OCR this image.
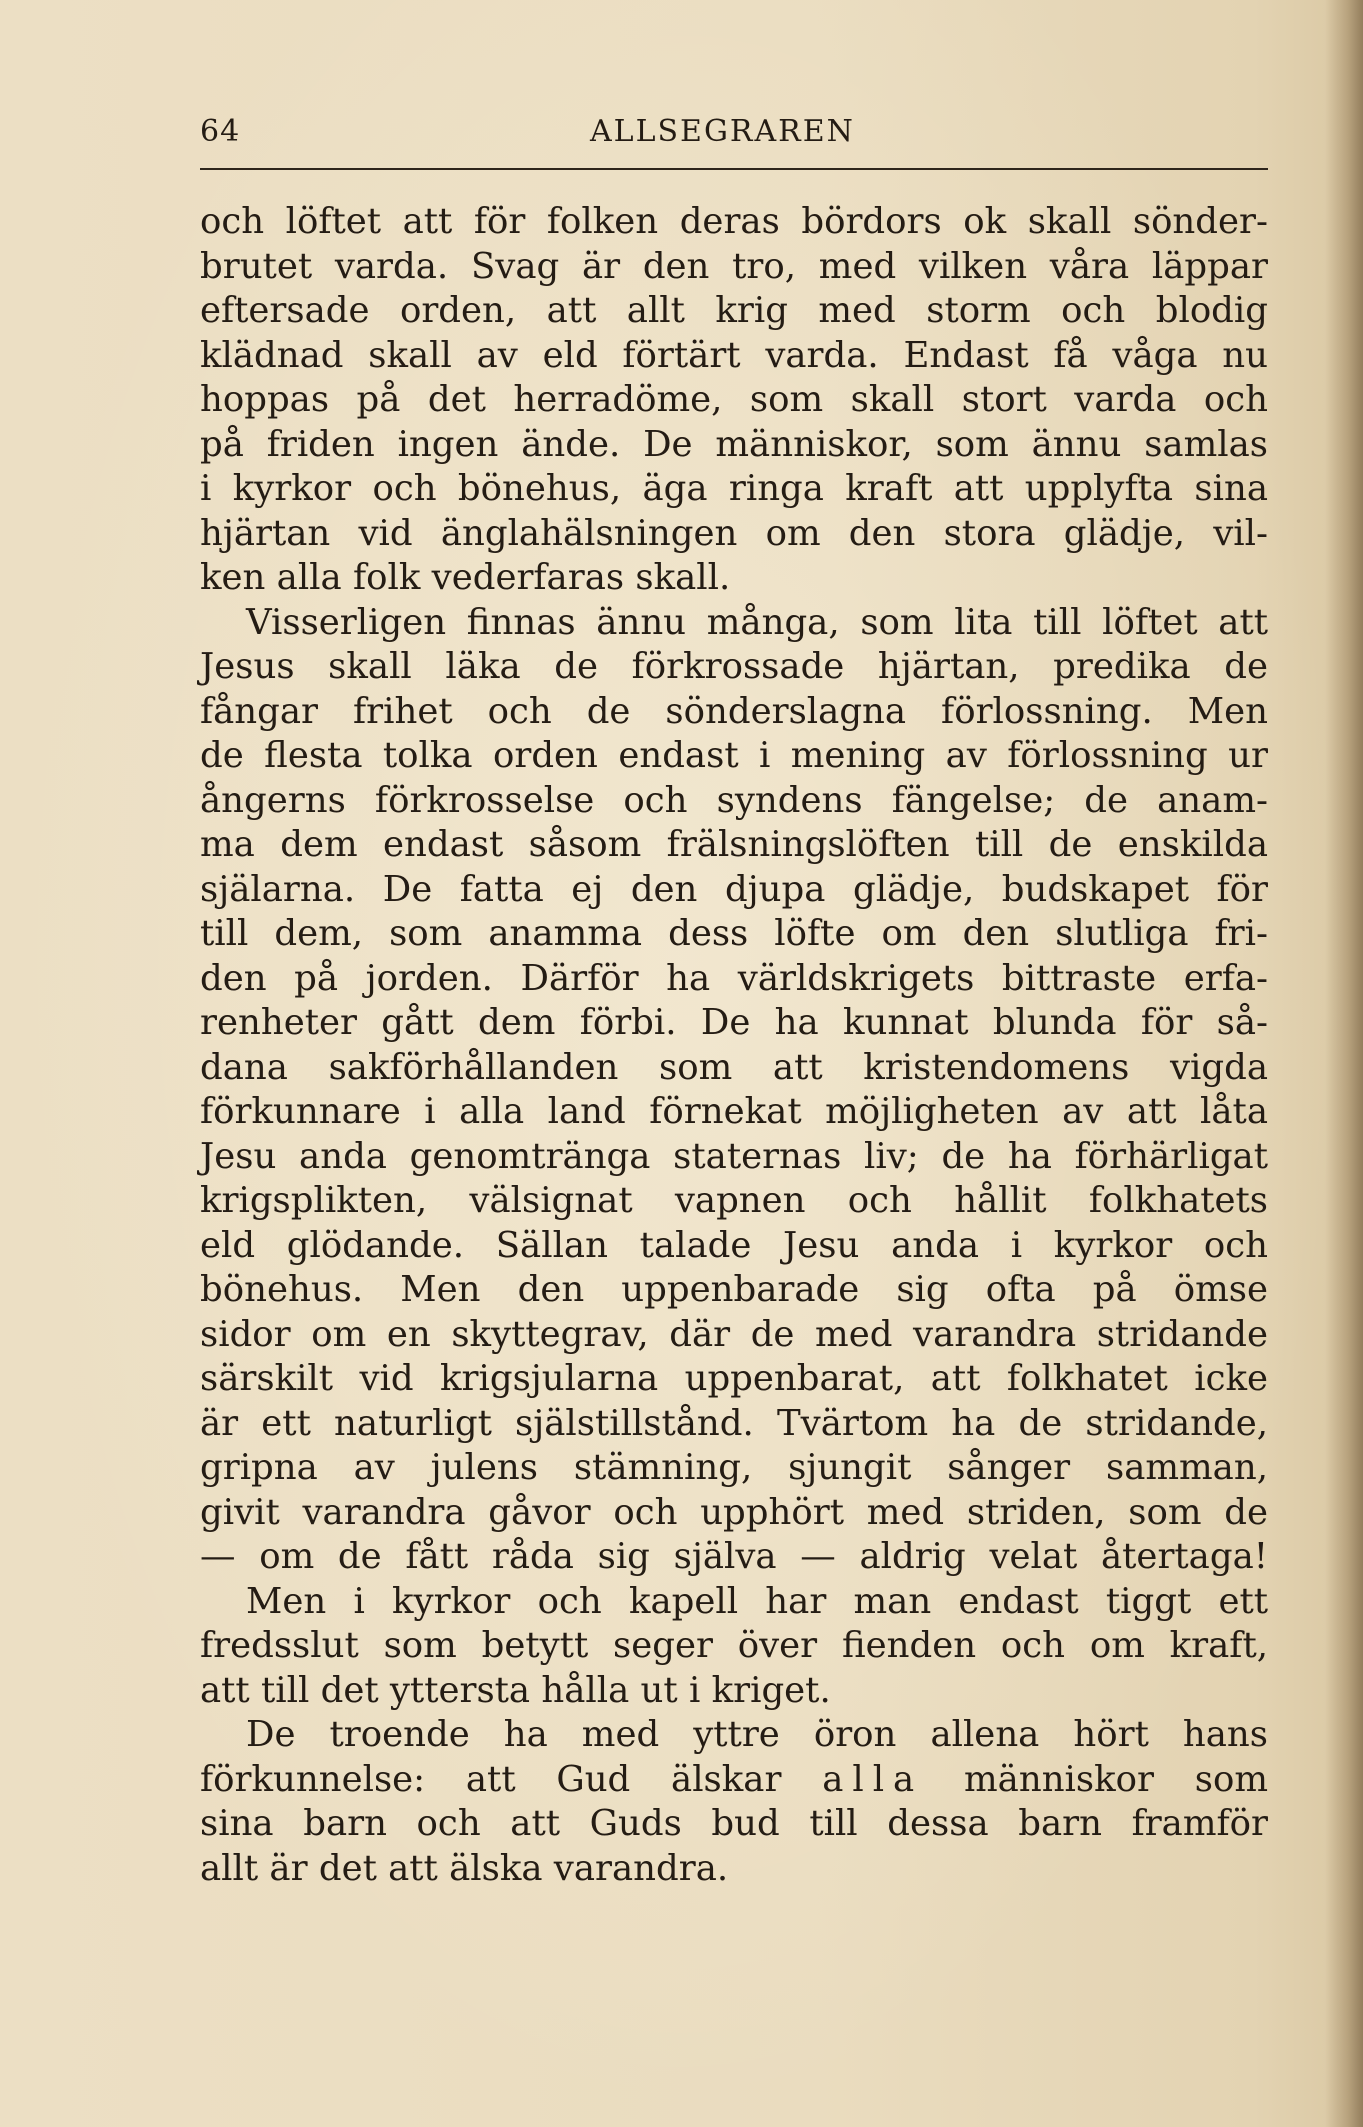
64	ALLSEGRAREN
och löftet att för folken deras bördors ok skall sönder-
brutet varda. Svag är den tro, med vilken våra läppar
eftersade orden, att allt krig med storm och blodig
klädnad skall av eld förtärt varda. Endast få våga nu
hoppas på det herradöme, som skall stort varda och
på friden ingen ände. De människor, som ännu samlas
i kyrkor och bönehus, äga ringa kraft att upplyfta sina
hjärtan vid änglahälsningen om den stora glädje, vil-
ken alla folk vederfaras skall.
Visserligen finnas ännu många, som lita till löftet att
Jesus skall läka de förkrossade hjärtan, predika de
fångar frihet och de sönderslagna förlossning. Men
de flesta tolka orden endast i mening av förlossning ur
ångerns förkrosselse och syndens fängelse; de anam-
ma dem endast såsom frälsningslöften till de enskilda
själarna. De fatta ej den djupa glädje, budskapet för
till dem, som anamma dess löfte om den slutliga fri-
den på jorden. Därför ha världskrigets bittraste erfa-
renheter gått dem förbi. De ha kunnat blunda för så-
dana sakförhållanden som att kristendomens vigda
förkunnare i alla land förnekat möjligheten av att låta
Jesu anda genomtränga staternas liv; de ha förhärligat
krigsplikten, välsignat vapnen och hållit folkhatets
eld glödande. Sällan talade Jesu anda i kyrkor och
bönehus. Men den uppenbarade sig ofta på ömse
sidor om en skyttegrav, där de med varandra stridande
särskilt vid krigsjularna uppenbarat, att folkhatet icke
är ett naturligt själstillstånd. Tvärtom ha de stridande,
gripna av julens stämning, sjungit sånger samman,
givit varandra gåvor och upphört med striden, som de
— om de fått råda sig själva — aldrig velat återtaga!
Men i kyrkor och kapell har man endast tiggt ett
fredsslut som betytt seger över fienden och om kraft,
att till det yttersta hålla ut i kriget.
De troende ha med yttre öron allena hört hans
förkunnelse: att Gud älskar alla människor som
sina barn och att Guds bud till dessa barn framför
allt är det att älska varandra.
